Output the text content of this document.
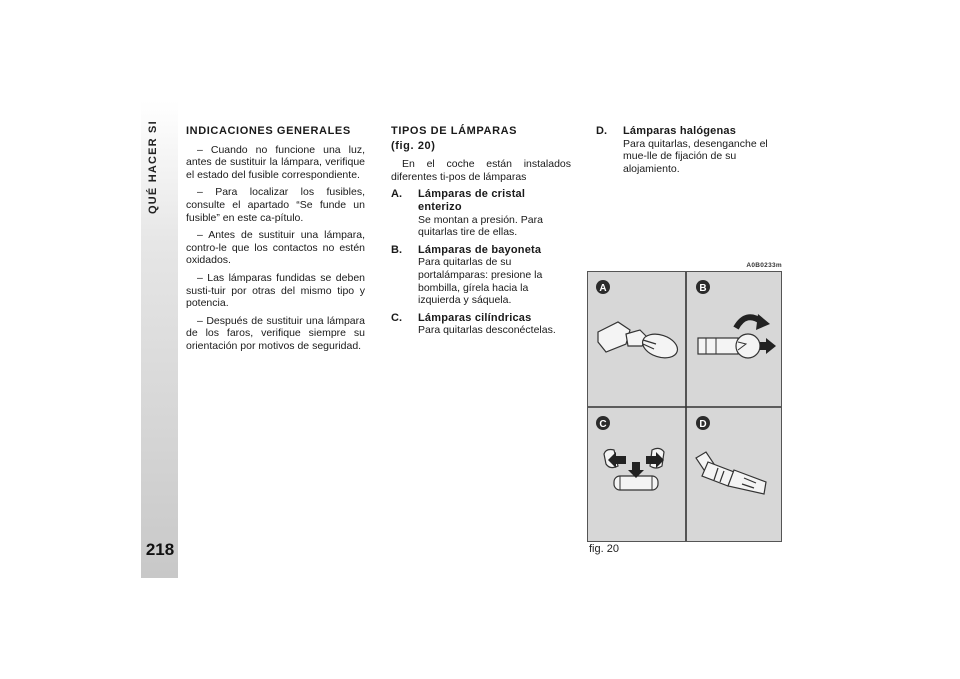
QUÉ HACER SI
218
INDICACIONES GENERALES

– Cuando no funcione una luz, antes de sustituir la lámpara, verifique el estado del fusible correspondiente.

– Para localizar los fusibles, consulte el apartado “Se funde un fusible” en este ca-pítulo.

– Antes de sustituir una lámpara, contro-le que los contactos no estén oxidados.

– Las lámparas fundidas se deben susti-tuir por otras del mismo tipo y potencia.

– Después de sustituir una lámpara de los faros, verifique siempre su orientación por motivos de seguridad.

TIPOS DE LÁMPARAS
(fig. 20)

En el coche están instalados diferentes ti-pos de lámparas

A.	Lámparas de cristal enterizo
Se montan a presión. Para quitarlas tire de ellas.
B.	Lámparas de bayoneta
Para quitarlas de su portalámparas: presione la bombilla, gírela hacia la izquierda y sáquela.
C.	Lámparas cilíndricas
Para quitarlas desconéctelas.
D.	Lámparas halógenas
Para quitarlas, desenganche el mue-lle de fijación de su alojamiento.
A0B0233m
A	B
C	D
fig. 20
